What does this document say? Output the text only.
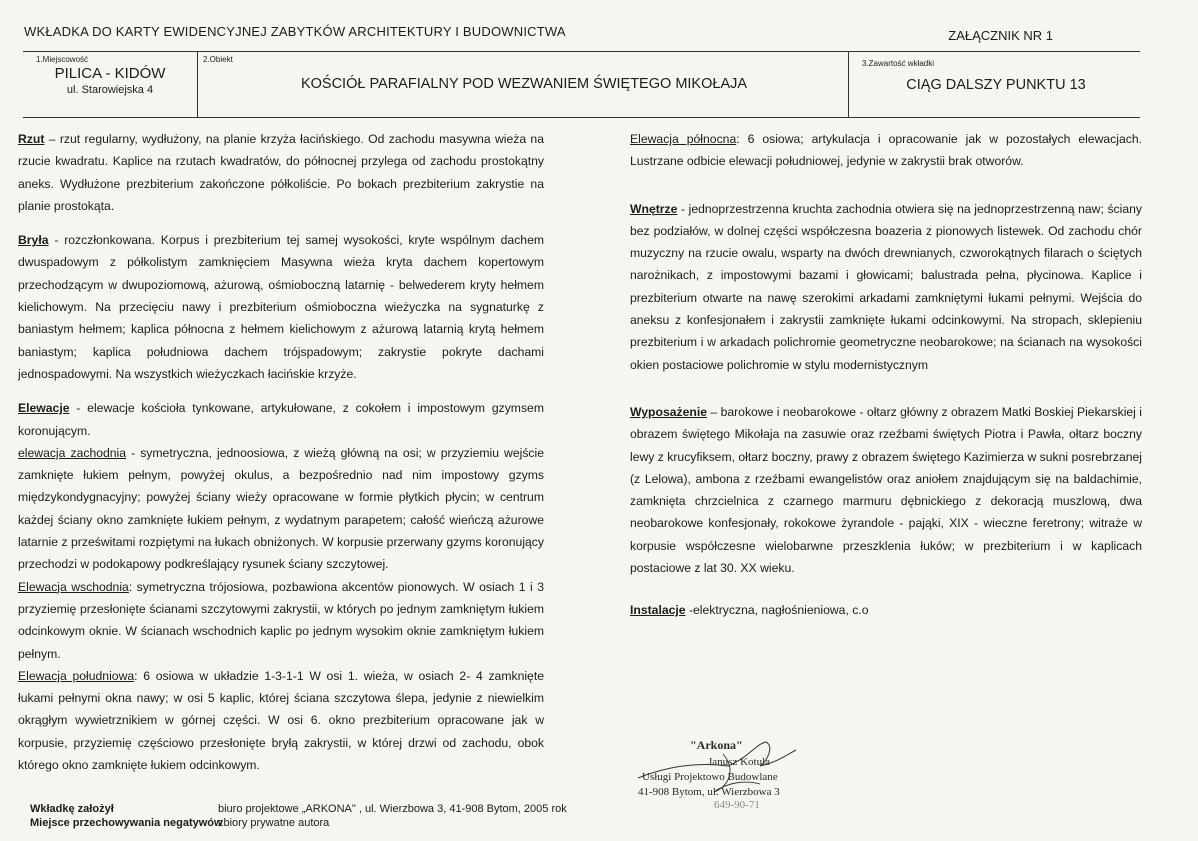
WKŁADKA DO KARTY EWIDENCYJNEJ ZABYTKÓW ARCHITEKTURY I BUDOWNICTWA	ZAŁĄCZNIK NR 1
1.Miejscowość
PILICA - KIDÓW
ul. Starowiejska 4
2.Obiekt
KOŚCIÓŁ PARAFIALNY POD WEZWANIEM ŚWIĘTEGO MIKOŁAJA
3.Zawartość wkładki
CIĄG DALSZY PUNKTU 13

Rzut – rzut regularny, wydłużony, na planie krzyża łacińskiego. Od zachodu masywna wieża na rzucie kwadratu. Kaplice na rzutach kwadratów, do północnej przylega od zachodu prostokątny aneks. Wydłużone prezbiterium zakończone półkoliście. Po bokach prezbiterium zakrystie na planie prostokąta.

Bryła - rozczłonkowana. Korpus i prezbiterium tej samej wysokości, kryte wspólnym dachem dwuspadowym z półkolistym zamknięciem Masywna wieża kryta dachem kopertowym przechodzącym w dwupoziomową, ażurową, ośmioboczną latarnię - belwederem kryty hełmem kielichowym. Na przecięciu nawy i prezbiterium ośmioboczna wieżyczka na sygnaturkę z baniastym hełmem; kaplica północna z hełmem kielichowym z ażurową latarnią krytą hełmem baniastym; kaplica południowa dachem trójspadowym; zakrystie pokryte dachami jednospadowymi. Na wszystkich wieżyczkach łacińskie krzyże.

Elewacje - elewacje kościoła tynkowane, artykułowane, z cokołem i impostowym gzymsem koronującym.

elewacja zachodnia - symetryczna, jednoosiowa, z wieżą główną na osi; w przyziemiu wejście zamknięte łukiem pełnym, powyżej okulus, a bezpośrednio nad nim impostowy gzyms międzykondygnacyjny; powyżej ściany wieży opracowane w formie płytkich płycin; w centrum każdej ściany okno zamknięte łukiem pełnym, z wydatnym parapetem; całość wieńczą ażurowe latarnie z prześwitami rozpiętymi na łukach obniżonych. W korpusie przerwany gzyms koronujący przechodzi w podokapowy podkreślający rysunek ściany szczytowej.

Elewacja wschodnia: symetryczna trójosiowa, pozbawiona akcentów pionowych. W osiach 1 i 3 przyziemię przesłonięte ścianami szczytowymi zakrystii, w których po jednym zamkniętym łukiem odcinkowym oknie. W ścianach wschodnich kaplic po jednym wysokim oknie zamkniętym łukiem pełnym.

Elewacja południowa: 6 osiowa w układzie 1-3-1-1 W osi 1. wieża, w osiach 2- 4 zamknięte łukami pełnymi okna nawy; w osi 5 kaplic, której ściana szczytowa ślepa, jedynie z niewielkim okrągłym wywietrznikiem w górnej części. W osi 6. okno prezbiterium opracowane jak w korpusie, przyziemię częściowo przesłonięte bryłą zakrystii, w której drzwi od zachodu, obok którego okno zamknięte łukiem odcinkowym.

Elewacja północna: 6 osiowa; artykulacja i opracowanie jak w pozostałych elewacjach. Lustrzane odbicie elewacji południowej, jedynie w zakrystii brak otworów.

Wnętrze - jednoprzestrzenna kruchta zachodnia otwiera się na jednoprzestrzenną naw; ściany bez podziałów, w dolnej części współczesna boazeria z pionowych listewek. Od zachodu chór muzyczny na rzucie owalu, wsparty na dwóch drewnianych, czworokątnych filarach o ściętych narożnikach, z impostowymi bazami i głowicami; balustrada pełna, płycinowa. Kaplice i prezbiterium otwarte na nawę szerokimi arkadami zamkniętymi łukami pełnymi. Wejścia do aneksu z konfesjonałem i zakrystii zamknięte łukami odcinkowymi. Na stropach, sklepieniu prezbiterium i w arkadach polichromie geometryczne neobarokowe; na ścianach na wysokości okien postaciowe polichromie w stylu modernistycznym

Wyposażenie – barokowe i neobarokowe - ołtarz główny z obrazem Matki Boskiej Piekarskiej i obrazem świętego Mikołaja na zasuwie oraz rzeźbami świętych Piotra i Pawła, ołtarz boczny lewy z krucyfiksem, ołtarz boczny, prawy z obrazem świętego Kazimierza w sukni posrebrzanej (z Lelowa), ambona z rzeźbami ewangelistów oraz aniołem znajdującym się na baldachimie, zamknięta chrzcielnica z czarnego marmuru dębnickiego z dekoracją muszlową, dwa neobarokowe konfesjonały, rokokowe żyrandole - pająki, XIX - wieczne feretrony; witraże w korpusie współczesne wielobarwne przeszklenia łuków; w prezbiterium i w kaplicach postaciowe z lat 30. XX wieku.

Instalacje -elektryczna, nagłośnieniowa, c.o

Wkładkę założył
Miejsce przechowywania negatywów
biuro projektowe „ARKONA" , ul. Wierzbowa 3, 41-908 Bytom, 2005 rok
zbiory prywatne autora
"Arkona"
Janusz Kotula
Usługi Projektowo Budowlane
41-908 Bytom, ul. Wierzbowa 3
649-90-71
